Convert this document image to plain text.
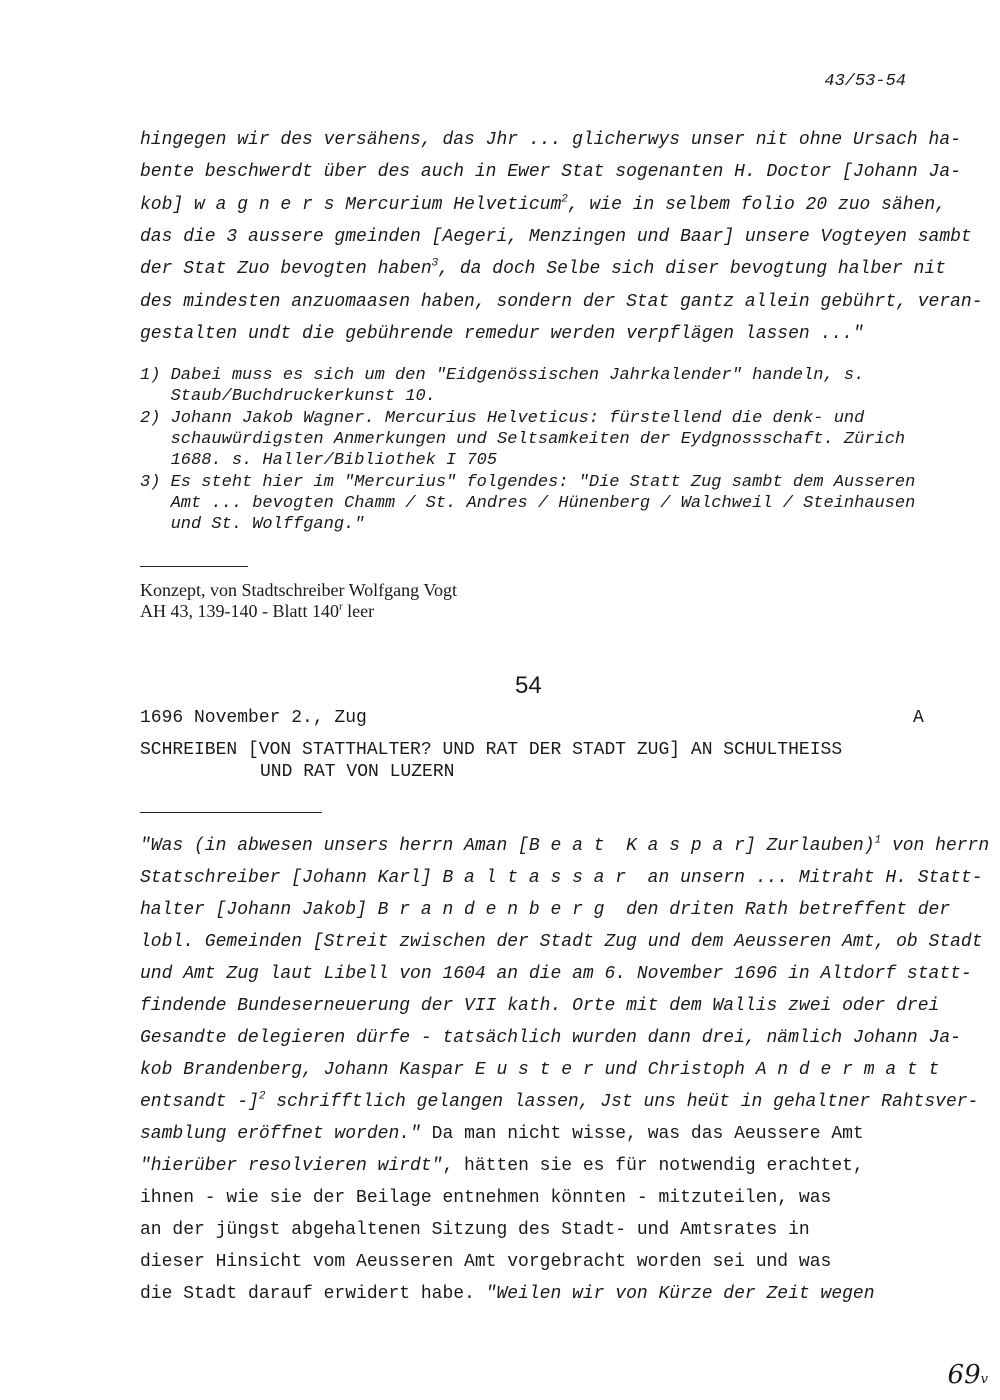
43/53-54
hingegen wir des versähens, das Jhr ... glicherwys unser nit ohne Ursach ha-
bente beschwerdt über des auch in Ewer Stat sogenanten H. Doctor [Johann Ja-
kob] w a g n e r s Mercurium Helveticum$^2$, wie in selbem folio 20 zuo sähen,
das die 3 aussere gmeinden [Aegeri, Menzingen und Baar] unsere Vogteyen sambt
der Stat Zuo bevogten haben$^3$, da doch Selbe sich diser bevogtung halber nit
des mindesten anzuomaasen haben, sondern der Stat gantz allein gebührt, veran-
gestalten undt die gebührende remedur werden verpflägen lassen ..."
1) Dabei muss es sich um den "Eidgenössischen Jahrkalender" handeln, s.
Staub/Buchdruckerkunst 10.
2) Johann Jakob Wagner. Mercurius Helveticus: fürstellend die denk- und
schauwürdigsten Anmerkungen und Seltsamkeiten der Eydgnossschaft. Zürich
1688. s. Haller/Bibliothek I 705
3) Es steht hier im "Mercurius" folgendes: "Die Statt Zug sambt dem Ausseren
Amt ... bevogten Chamm / St. Andres / Hünenberg / Walchweil / Steinhausen
und St. Wolffgang."
Konzept, von Stadtschreiber Wolfgang Vogt
AH 43, 139-140 - Blatt 140$^r$ leer
54
1696 November 2., Zug	A
SCHREIBEN [VON STATTHALTER? UND RAT DER STADT ZUG] AN SCHULTHEISS
UND RAT VON LUZERN
"Was (in abwesen unsers herrn Aman [B e a t  K a s p a r] Zurlauben)$^1$ von herrn
Statschreiber [Johann Karl] B a l t a s s a r  an unsern ... Mitraht H. Statt-
halter [Johann Jakob] B r a n d e n b e r g  den driten Rath betreffent der
lobl. Gemeinden [Streit zwischen der Stadt Zug und dem Aeusseren Amt, ob Stadt
und Amt Zug laut Libell von 1604 an die am 6. November 1696 in Altdorf statt-
findende Bundeserneuerung der VII kath. Orte mit dem Wallis zwei oder drei
Gesandte delegieren dürfe - tatsächlich wurden dann drei, nämlich Johann Ja-
kob Brandenberg, Johann Kaspar E u s t e r und Christoph A n d e r m a t t
entsandt -]$^2$ schrifftlich gelangen lassen, Jst uns heüt in gehaltner Rahtsver-
samblung eröffnet worden." Da man nicht wisse, was das Aeussere Amt
"hierüber resolvieren wirdt", hätten sie es für notwendig erachtet,
ihnen - wie sie der Beilage entnehmen könnten - mitzuteilen, was
an der jüngst abgehaltenen Sitzung des Stadt- und Amtsrates in
dieser Hinsicht vom Aeusseren Amt vorgebracht worden sei und was
die Stadt darauf erwidert habe. "Weilen wir von Kürze der Zeit wegen
69v
